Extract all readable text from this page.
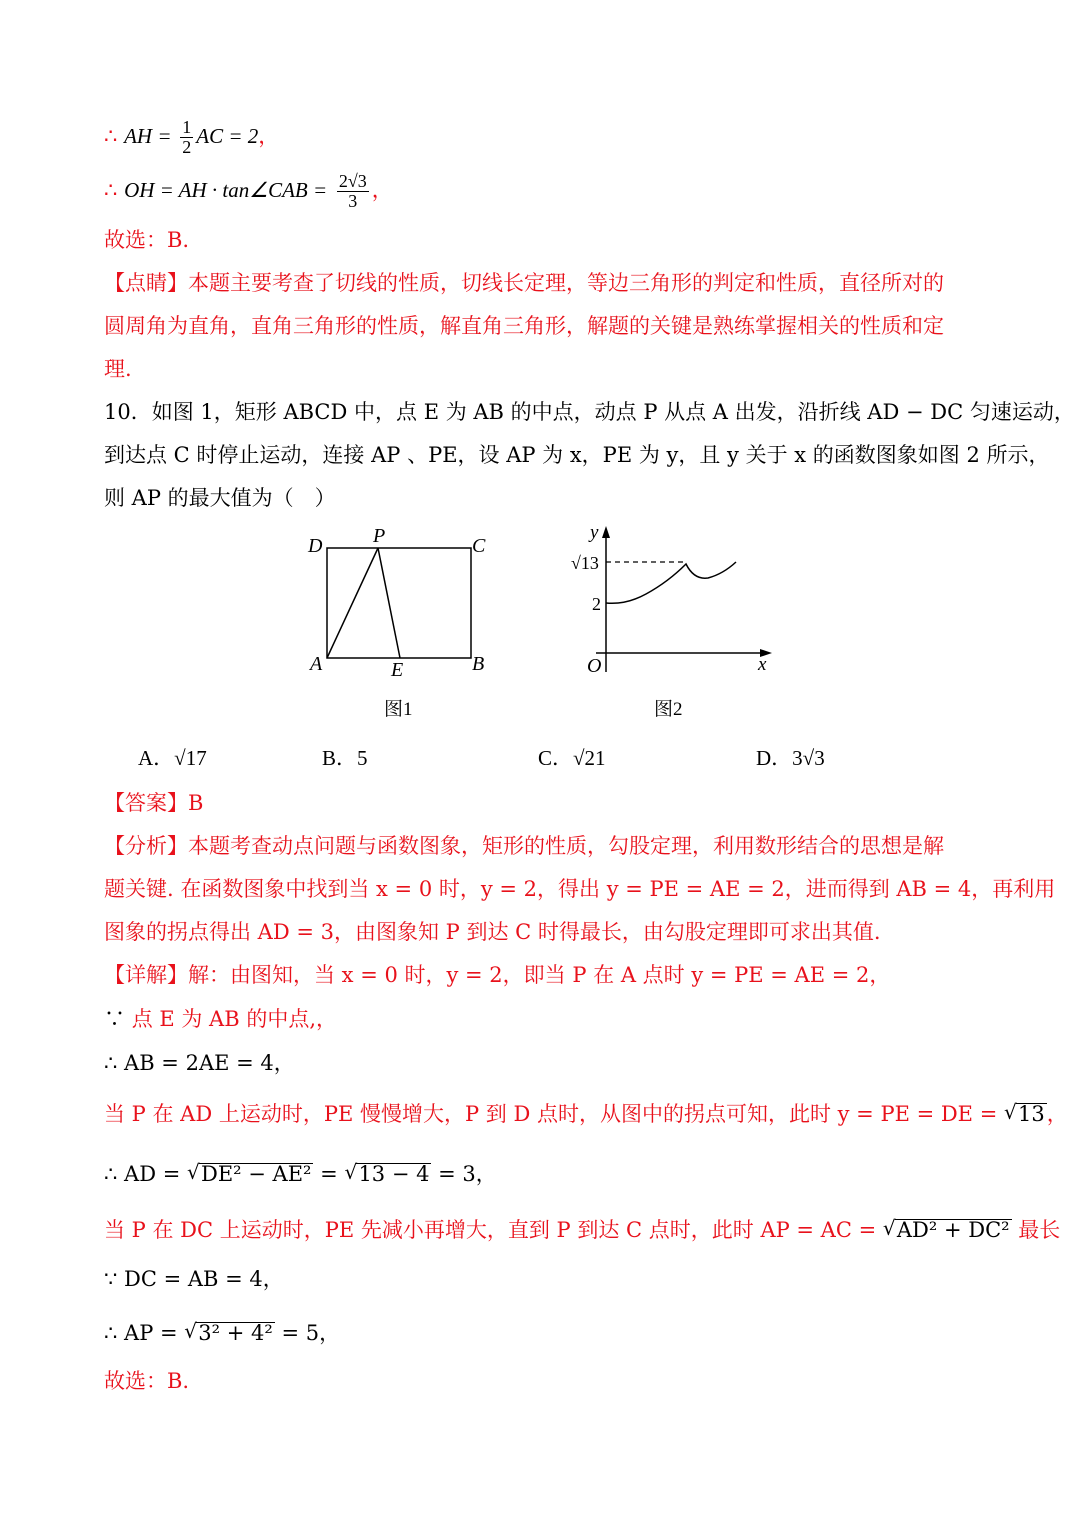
∴ AH = $\frac{1}{2}$ AC = 2，
∴ OH = AH · tan∠CAB = $\frac{2√3}{3}$ ，
故选：B.
【点睛】本题主要考查了切线的性质，切线长定理，等边三角形的判定和性质，直径所对的
圆周角为直角，直角三角形的性质，解直角三角形，解题的关键是熟练掌握相关的性质和定
理.
10．如图 1，矩形 ABCD 中，点 E 为 AB 的中点，动点 P 从点 A 出发，沿折线 AD − DC 匀速运动，
到达点 C 时停止运动，连接 AP 、PE，设 AP 为 x，PE 为 y，且 y 关于 x 的函数图象如图 2 所示，
则 AP 的最大值为（　）
D	P	C
A	E	B
图1
y
√13
2
O	x
图2
A．√17	B．5	C．√21	D．3√3
【答案】B
【分析】本题考查动点问题与函数图象，矩形的性质，勾股定理，利用数形结合的思想是解
题关键. 在函数图象中找到当 x = 0 时，y = 2，得出 y = PE = AE = 2，进而得到 AB = 4，再利用
图象的拐点得出 AD = 3，由图象知 P 到达 C 时得最长，由勾股定理即可求出其值.
【详解】解：由图知，当 x = 0 时，y = 2，即当 P 在 A 点时 y = PE = AE = 2，
∵ 点 E 为 AB 的中点,，
∴ AB = 2AE = 4，
当 P 在 AD 上运动时，PE 慢慢增大，P 到 D 点时，从图中的拐点可知，此时 y = PE = DE = √ 13，
∴ AD = √ DE² − AE² = √ 13 − 4 = 3，
当 P 在 DC 上运动时，PE 先减小再增大，直到 P 到达 C 点时，此时 AP = AC = √ AD² + DC² 最长
∵ DC = AB = 4，
∴ AP = √ 3² + 4² = 5，
故选：B.
